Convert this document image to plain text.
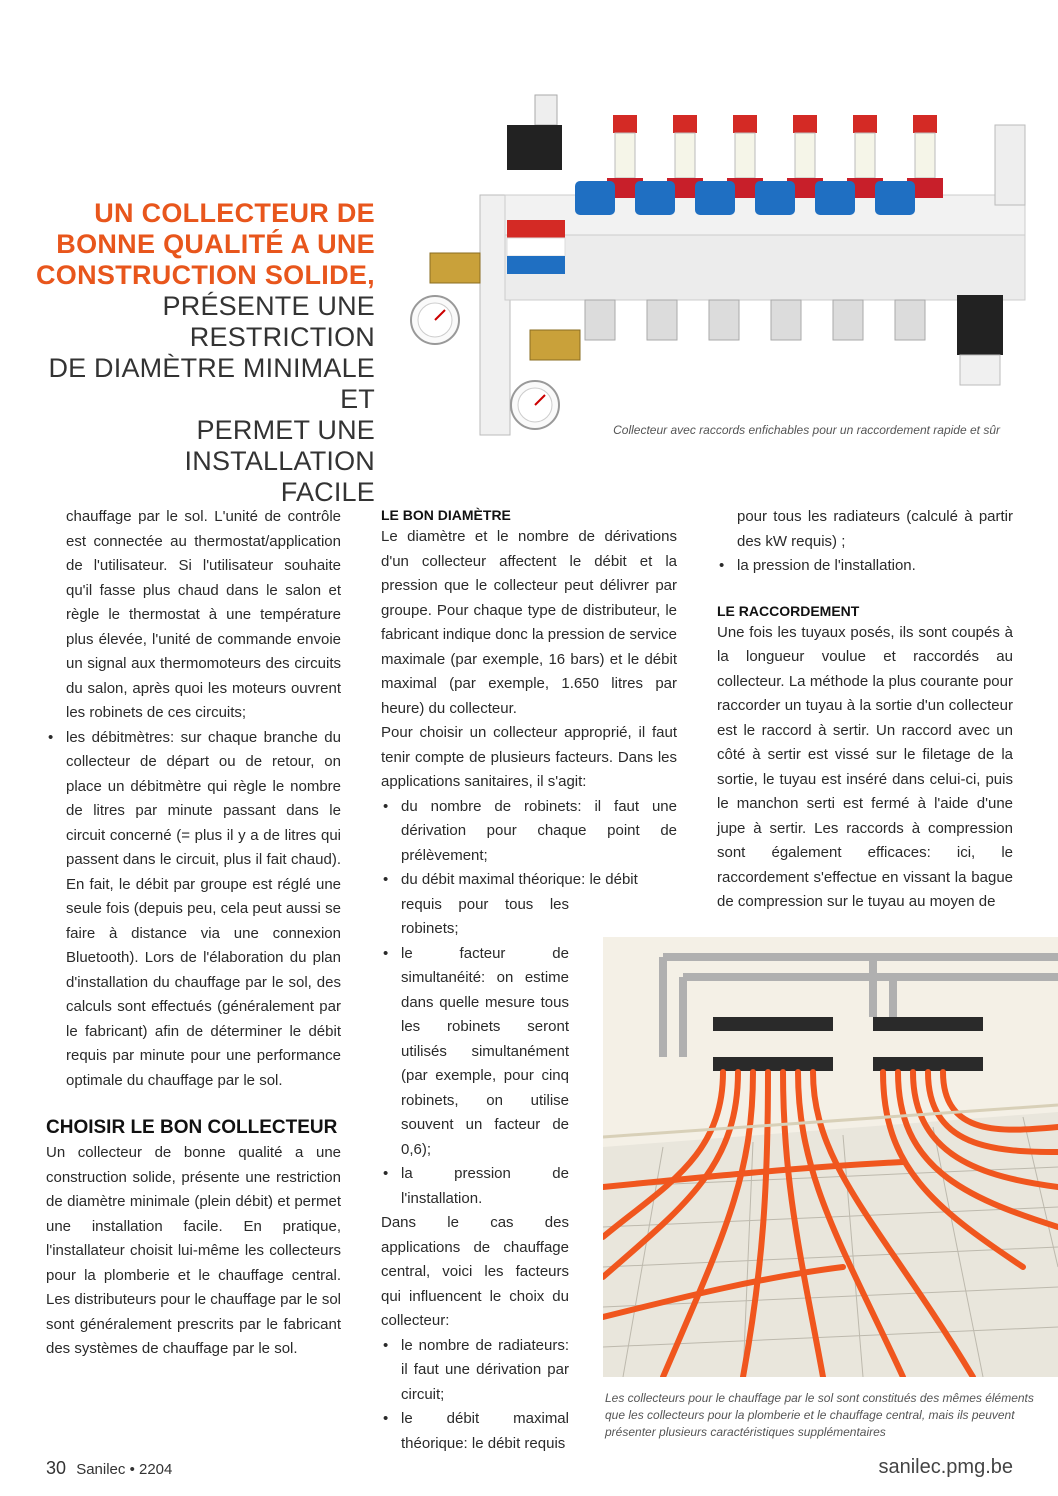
UN COLLECTEUR DE
BONNE QUALITÉ A UNE
CONSTRUCTION SOLIDE,
PRÉSENTE UNE RESTRICTION
DE DIAMÈTRE MINIMALE ET
PERMET UNE INSTALLATION
FACILE
Collecteur avec raccords enfichables pour un raccordement rapide et sûr

chauffage par le sol. L'unité de contrôle est connectée au thermostat/application de l'utilisateur. Si l'utilisateur souhaite qu'il fasse plus chaud dans le salon et règle le thermostat à une température plus élevée, l'unité de commande envoie un signal aux thermomoteurs des circuits du salon, après quoi les moteurs ouvrent les robinets de ces circuits;

• les débitmètres: sur chaque branche du collecteur de départ ou de retour, on place un débitmètre qui règle le nombre de litres par minute passant dans le circuit concerné (= plus il y a de litres qui passent dans le circuit, plus il fait chaud). En fait, le débit par groupe est réglé une seule fois (depuis peu, cela peut aussi se faire à distance via une connexion Bluetooth). Lors de l'élaboration du plan d'installation du chauffage par le sol, des calculs sont effectués (généralement par le fabricant) afin de déterminer le débit requis par minute pour une performance optimale du chauffage par le sol.
CHOISIR LE BON COLLECTEUR

Un collecteur de bonne qualité a une construction solide, présente une restriction de diamètre minimale (plein débit) et permet une installation facile. En pratique, l'installateur choisit lui-même les collecteurs pour la plomberie et le chauffage central. Les distributeurs pour le chauffage par le sol sont généralement prescrits par le fabricant des systèmes de chauffage par le sol.

LE BON DIAMÈTRE

Le diamètre et le nombre de dérivations d'un collecteur affectent le débit et la pression que le collecteur peut délivrer par groupe. Pour chaque type de distributeur, le fabricant indique donc la pression de service maximale (par exemple, 16 bars) et le débit maximal (par exemple, 1.650 litres par heure) du collecteur.

Pour choisir un collecteur approprié, il faut tenir compte de plusieurs facteurs. Dans les applications sanitaires, il s'agit:

• du nombre de robinets: il faut une dérivation pour chaque point de prélèvement;
• du débit maximal théorique: le débit

requis pour tous les robinets;

• le facteur de simultanéité: on estime dans quelle mesure tous les robinets seront utilisés simultanément (par exemple, pour cinq robinets, on utilise souvent un facteur de 0,6);
• la pression de l'installation.

Dans le cas des applications de chauffage central, voici les facteurs qui influencent le choix du collecteur:

• le nombre de radiateurs: il faut une dérivation par circuit;
• le débit maximal théorique: le débit requis

pour tous les radiateurs (calculé à partir des kW requis) ;

• la pression de l'installation.
LE RACCORDEMENT

Une fois les tuyaux posés, ils sont coupés à la longueur voulue et raccordés au collecteur. La méthode la plus courante pour raccorder un tuyau à la sortie d'un collecteur est le raccord à sertir. Un raccord avec un côté à sertir est vissé sur le filetage de la sortie, le tuyau est inséré dans celui-ci, puis le manchon serti est fermé à l'aide d'une jupe à sertir. Les raccords à compression sont également efficaces: ici, le raccordement s'effectue en vissant la bague de compression sur le tuyau au moyen de

Les collecteurs pour le chauffage par le sol sont constitués des mêmes éléments que les collecteurs pour la plomberie et le chauffage central, mais ils peuvent présenter plusieurs caractéristiques supplémentaires
30 Sanilec • 2204	sanilec.pmg.be
